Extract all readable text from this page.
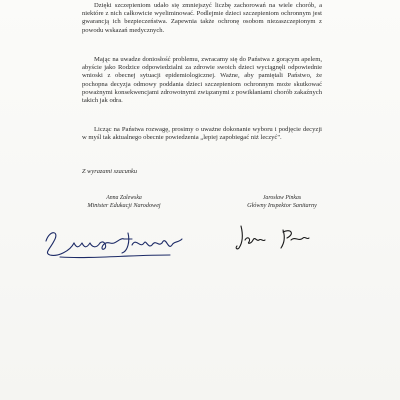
Dzięki szczepieniom udało się zmniejszyć liczbę zachorowań na wiele chorób, a niektóre z nich całkowicie wyeliminować. Podlejmie dzieci szczepieniom ochronnym jest gwarancją ich bezpieczeństwa. Zapewnia także ochronę osobom niezaszczepionym z powodu wskazań medycznych.

Mając na uwadze doniosłość problemu, zwracamy się do Państwa z gorącym apelem, abyście jako Rodzice odpowiedzialni za zdrowie swoich dzieci wyciągnęli odpowiednie wnioski z obecnej sytuacji epidemiologicznej. Ważne, aby pamiętali Państwo, że pochopna decyzja odmowy poddania dzieci szczepieniom ochronnym może skutkować poważnymi konsekwencjami zdrowotnymi związanymi z powikłaniami chorób zakaźnych takich jak odra.

Licząc na Państwa rozwagę, prosimy o uważne dokonanie wyboru i podjęcie decyzji w myśl tak aktualnego obecnie powiedzenia „lepiej zapobiegać niż leczyć".

Z wyrazami szacunku

Anna Zalewska

Minister Edukacji Narodowej

Jarosław Pinkas

Główny Inspektor Sanitarny
